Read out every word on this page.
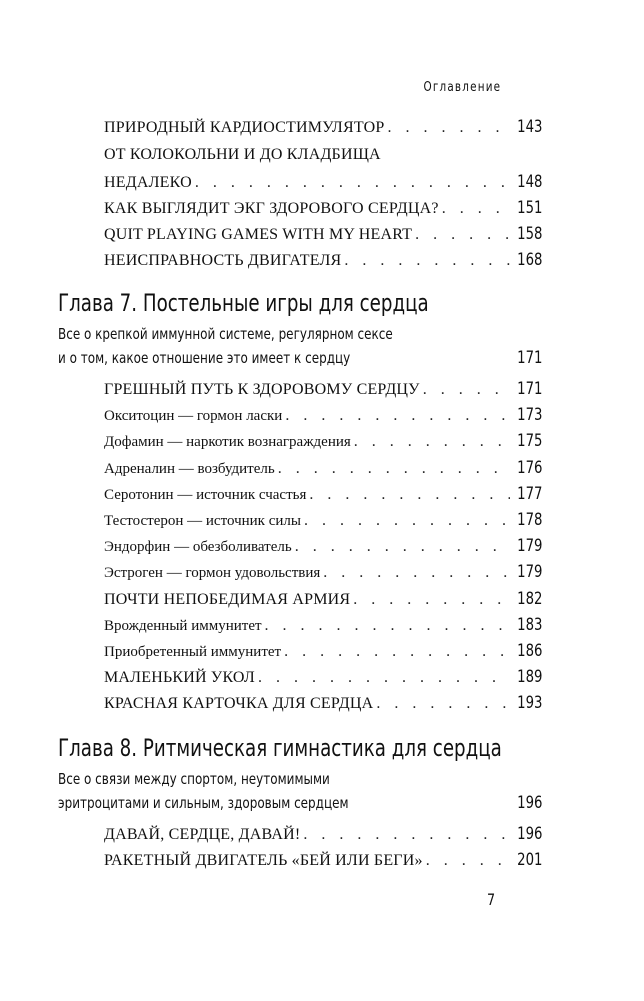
Оглавление
ПРИРОДНЫЙ КАРДИОСТИМУЛЯТОР . . .	143
ОТ КОЛОКОЛЬНИ И ДО КЛАДБИЩА
НЕДАЛЕКО . . .	148
КАК ВЫГЛЯДИТ ЭКГ ЗДОРОВОГО СЕРДЦА? . . .	151
QUIT PLAYING GAMES WITH MY HEART . . .	158
НЕИСПРАВНОСТЬ ДВИГАТЕЛЯ . . .	168
Глава 7. Постельные игры для сердца
Все о крепкой иммунной системе, регулярном сексе
и о том, какое отношение это имеет к сердцу	171
ГРЕШНЫЙ ПУТЬ К ЗДОРОВОМУ СЕРДЦУ . . .	171
Окситоцин — гормон ласки . . .	173
Дофамин — наркотик вознаграждения . . .	175
Адреналин — возбудитель . . .	176
Серотонин — источник счастья . . .	177
Тестостерон — источник силы . . .	178
Эндорфин — обезболиватель . . .	179
Эстроген — гормон удовольствия . . .	179
ПОЧТИ НЕПОБЕДИМАЯ АРМИЯ . . .	182
Врожденный иммунитет . . .	183
Приобретенный иммунитет . . .	186
МАЛЕНЬКИЙ УКОЛ . . .	189
КРАСНАЯ КАРТОЧКА ДЛЯ СЕРДЦА . . .	193
Глава 8. Ритмическая гимнастика для сердца
Все о связи между спортом, неутомимыми
эритроцитами и сильным, здоровым сердцем	196
ДАВАЙ, СЕРДЦЕ, ДАВАЙ! . . .	196
РАКЕТНЫЙ ДВИГАТЕЛЬ «БЕЙ ИЛИ БЕГИ» . . .	201
7
